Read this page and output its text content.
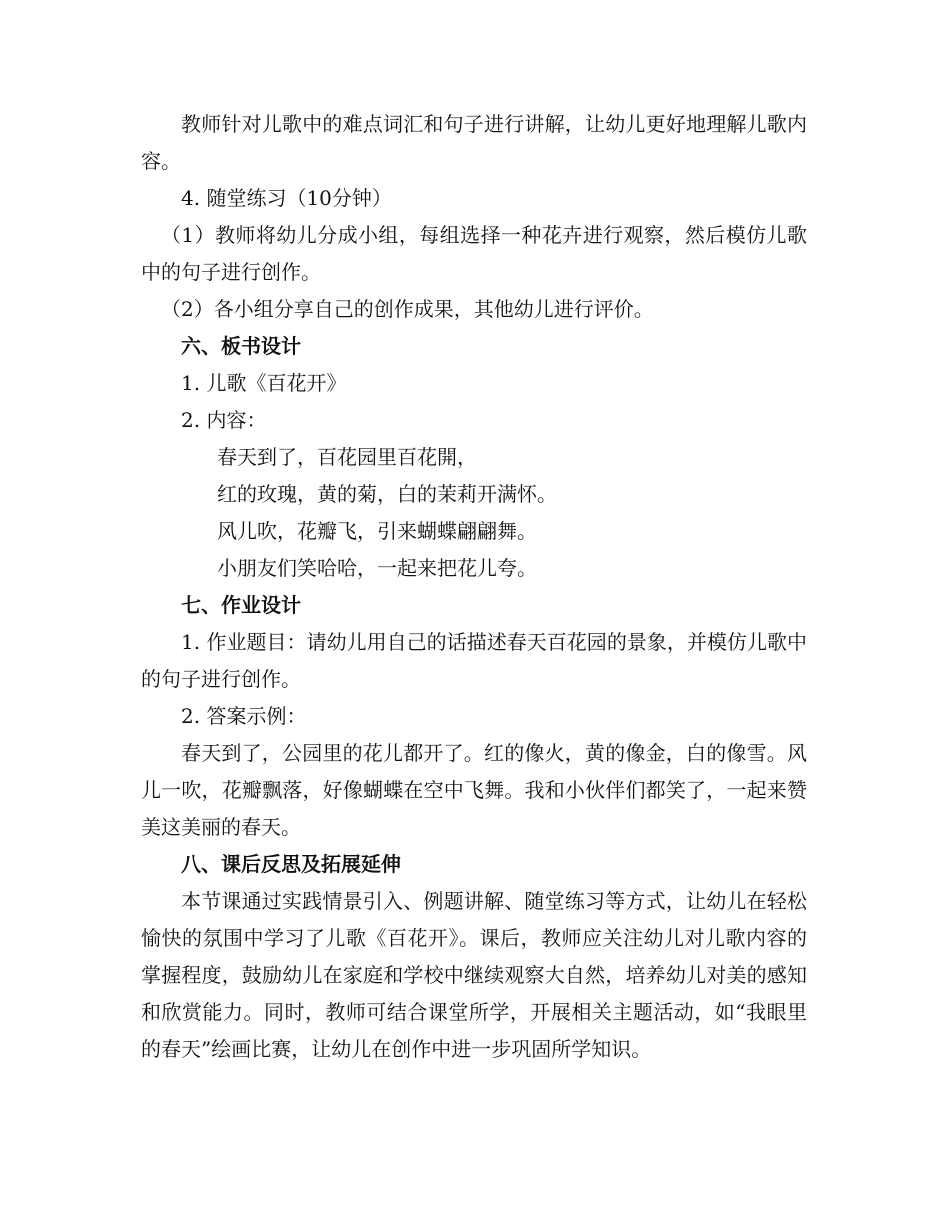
教师针对儿歌中的难点词汇和句子进行讲解，让幼儿更好地理解儿歌内容。

4. 随堂练习（10分钟）

（1）教师将幼儿分成小组，每组选择一种花卉进行观察，然后模仿儿歌中的句子进行创作。

（2）各小组分享自己的创作成果，其他幼儿进行评价。

六、板书设计

1. 儿歌《百花开》

2. 内容：

春天到了，百花园里百花開，

红的玫瑰，黄的菊，白的茉莉开满怀。

风儿吹，花瓣飞，引来蝴蝶翩翩舞。

小朋友们笑哈哈，一起来把花儿夸。

七、作业设计

1. 作业题目：请幼儿用自己的话描述春天百花园的景象，并模仿儿歌中的句子进行创作。

2. 答案示例：

春天到了，公园里的花儿都开了。红的像火，黄的像金，白的像雪。风儿一吹，花瓣飘落，好像蝴蝶在空中飞舞。我和小伙伴们都笑了，一起来赞美这美丽的春天。

八、课后反思及拓展延伸

本节课通过实践情景引入、例题讲解、随堂练习等方式，让幼儿在轻松愉快的氛围中学习了儿歌《百花开》。课后，教师应关注幼儿对儿歌内容的掌握程度，鼓励幼儿在家庭和学校中继续观察大自然，培养幼儿对美的感知和欣赏能力。同时，教师可结合课堂所学，开展相关主题活动，如“我眼里的春天”绘画比赛，让幼儿在创作中进一步巩固所学知识。
